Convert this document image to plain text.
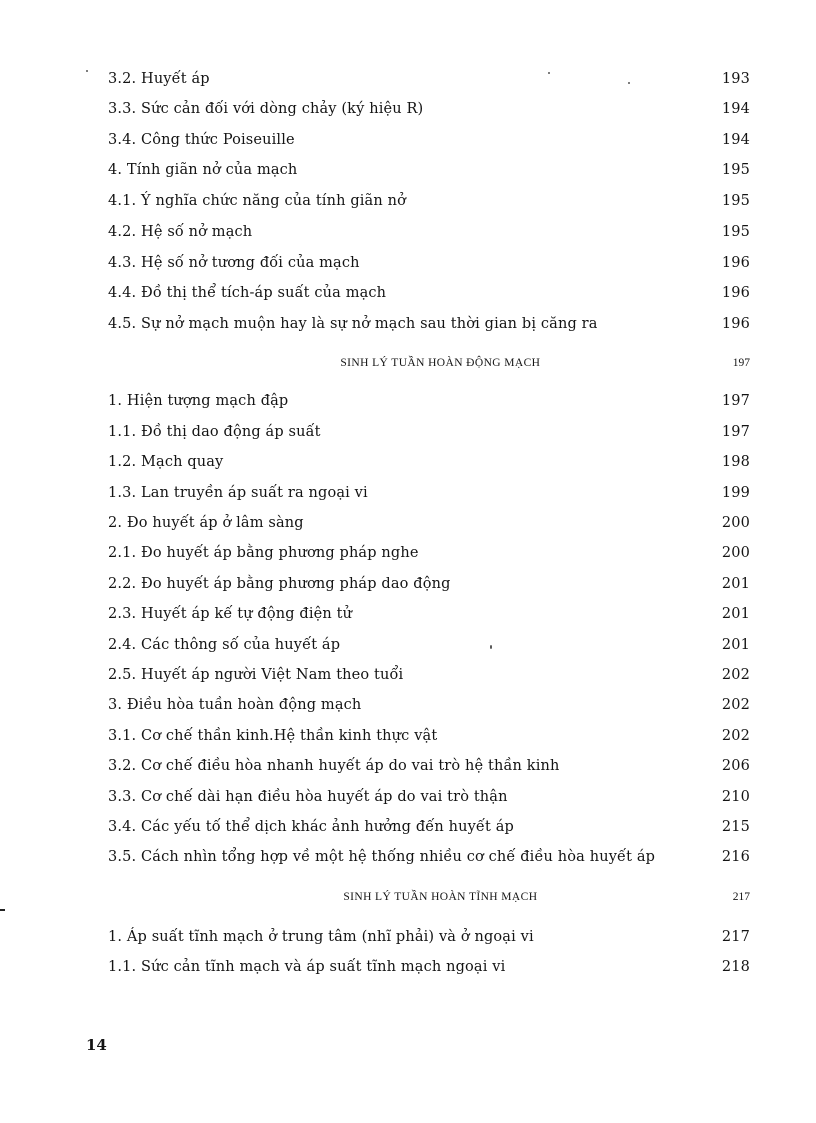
3.2. Huyết áp	193
3.3. Sức cản đối với dòng chảy (ký hiệu R)	194
3.4. Công thức Poiseuille	194
4. Tính giãn nở của mạch	195
4.1. Ý nghĩa chức năng của tính giãn nở	195
4.2. Hệ số nở mạch	195
4.3. Hệ số nở tương đối của mạch	196
4.4. Đồ thị thể tích-áp suất của mạch	196
4.5. Sự nở mạch muộn hay là sự nở mạch sau thời gian bị căng ra	196
SINH LÝ TUẦN HOÀN ĐỘNG MẠCH	197
1. Hiện tượng mạch đập	197
1.1. Đồ thị dao động áp suất	197
1.2. Mạch quay	198
1.3. Lan truyền áp suất ra ngoại vi	199
2. Đo huyết áp ở lâm sàng	200
2.1. Đo huyết áp bằng phương pháp nghe	200
2.2. Đo huyết áp bằng phương pháp dao động	201
2.3. Huyết áp kế tự động điện tử	201
2.4. Các thông số của huyết áp	201
2.5. Huyết áp người Việt Nam theo tuổi	202
3. Điều hòa tuần hoàn động mạch	202
3.1. Cơ chế thần kinh.Hệ thần kinh thực vật	202
3.2. Cơ chế điều hòa nhanh huyết áp do vai trò hệ thần kinh	206
3.3. Cơ chế dài hạn điều hòa huyết áp do vai trò thận	210
3.4. Các yếu tố thể dịch khác ảnh hưởng đến huyết áp	215
3.5. Cách nhìn tổng hợp về một hệ thống nhiều cơ chế điều hòa huyết áp	216
SINH LÝ TUẦN HOÀN TĨNH MẠCH	217
1. Áp suất tĩnh mạch ở trung tâm (nhĩ phải) và ở ngoại vi	217
1.1. Sức cản tĩnh mạch và áp suất tĩnh mạch ngoại vi	218
14
